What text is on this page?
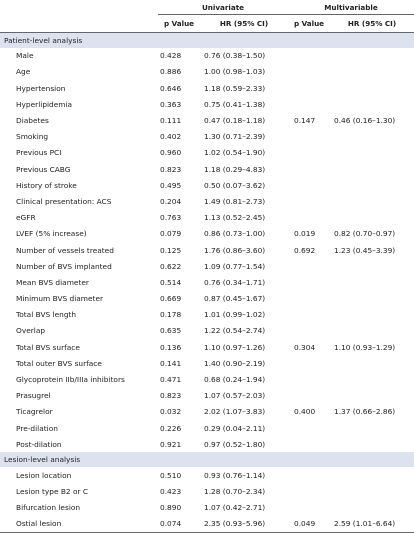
	Univariate		Multivariable	
	p Value	HR (95% CI)	p Value	HR (95% CI)
Patient-level analysis				
Male	0.428	0.76 (0.38–1.50)		
Age	0.886	1.00 (0.98–1.03)		
Hypertension	0.646	1.18 (0.59–2.33)		
Hyperlipidemia	0.363	0.75 (0.41–1.38)		
Diabetes	0.111	0.47 (0.18–1.18)	0.147	0.46 (0.16–1.30)
Smoking	0.402	1.30 (0.71–2.39)		
Previous PCI	0.960	1.02 (0.54–1.90)		
Previous CABG	0.823	1.18 (0.29–4.83)		
History of stroke	0.495	0.50 (0.07–3.62)		
Clinical presentation: ACS	0.204	1.49 (0.81–2.73)		
eGFR	0.763	1.13 (0.52–2.45)		
LVEF (5% increase)	0.079	0.86 (0.73–1.00)	0.019	0.82 (0.70–0.97)
Number of vessels treated	0.125	1.76 (0.86–3.60)	0.692	1.23 (0.45–3.39)
Number of BVS implanted	0.622	1.09 (0.77–1.54)		
Mean BVS diameter	0.514	0.76 (0.34–1.71)		
Minimum BVS diameter	0.669	0.87 (0.45–1.67)		
Total BVS length	0.178	1.01 (0.99–1.02)		
Overlap	0.635	1.22 (0.54–2.74)		
Total BVS surface	0.136	1.10 (0.97–1.26)	0.304	1.10 (0.93–1.29)
Total outer BVS surface	0.141	1.40 (0.90–2.19)		
Glycoprotein IIb/IIIa inhibitors	0.471	0.68 (0.24–1.94)		
Prasugrel	0.823	1.07 (0.57–2.03)		
Ticagrelor	0.032	2.02 (1.07–3.83)	0.400	1.37 (0.66–2.86)
Pre-dilation	0.226	0.29 (0.04–2.11)		
Post-dilation	0.921	0.97 (0.52–1.80)		
Lesion-level analysis				
Lesion location	0.510	0.93 (0.76–1.14)		
Lesion type B2 or C	0.423	1.28 (0.70–2.34)		
Bifurcation lesion	0.890	1.07 (0.42–2.71)		
Ostial lesion	0.074	2.35 (0.93–5.96)	0.049	2.59 (1.01–6.64)
